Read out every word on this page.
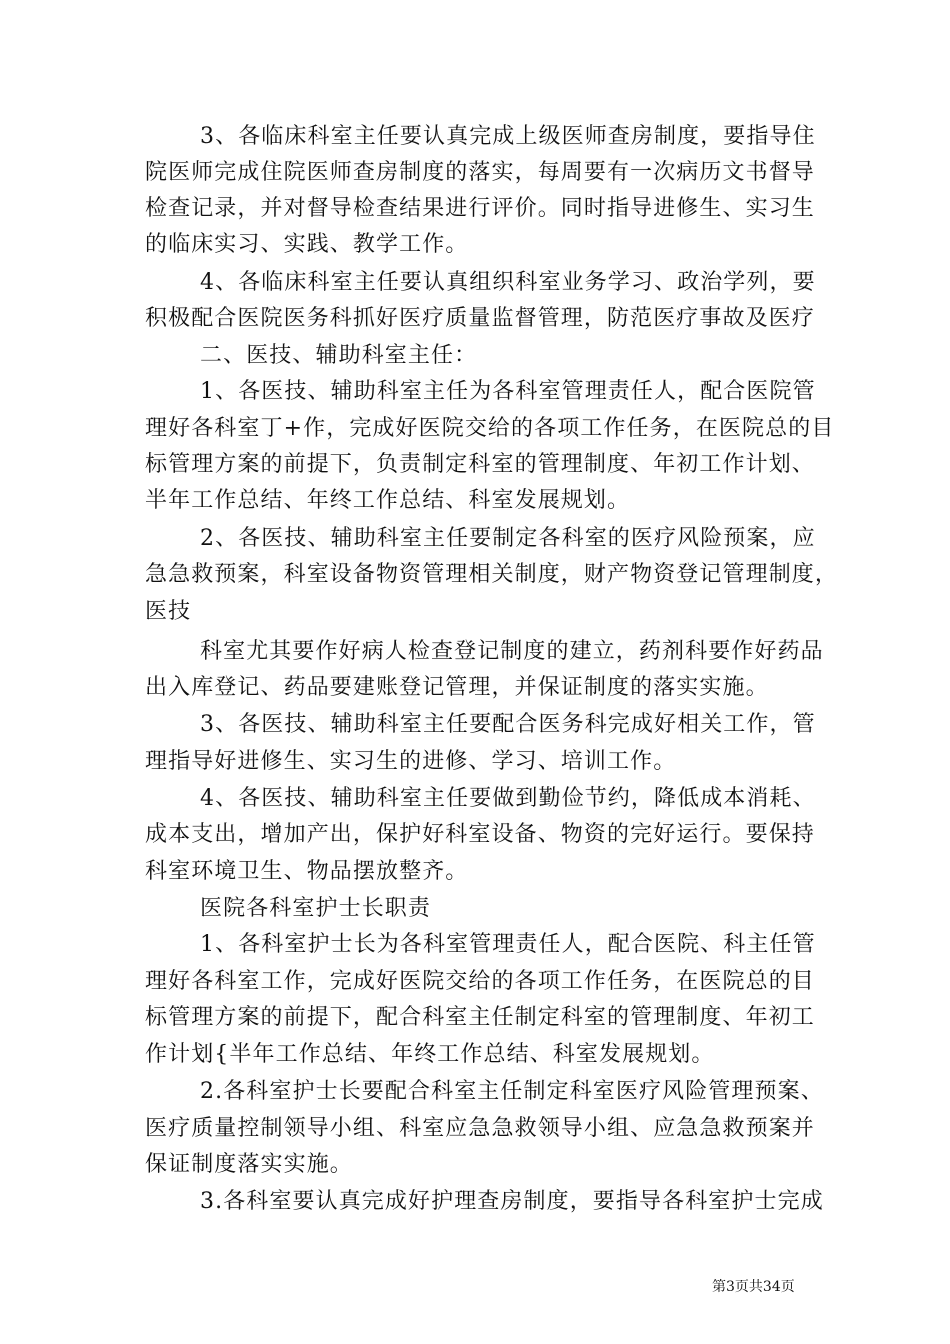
3、各临床科室主任要认真完成上级医师查房制度，要指导住
院医师完成住院医师查房制度的落实，每周要有一次病历文书督导
检查记录，并对督导检查结果进行评价。同时指导进修生、实习生
的临床实习、实践、教学工作。
4、各临床科室主任要认真组织科室业务学习、政治学列，要
积极配合医院医务科抓好医疗质量监督管理，防范医疗事故及医疗
二、医技、辅助科室主任：
1、各医技、辅助科室主任为各科室管理责任人，配合医院管
理好各科室丁+作，完成好医院交给的各项工作任务，在医院总的目
标管理方案的前提下，负责制定科室的管理制度、年初工作计划、
半年工作总结、年终工作总结、科室发展规划。
2、各医技、辅助科室主任要制定各科室的医疗风险预案，应
急急救预案，科室设备物资管理相关制度，财产物资登记管理制度，
医技
科室尤其要作好病人检查登记制度的建立，药剂科要作好药品
出入库登记、药品要建账登记管理，并保证制度的落实实施。
3、各医技、辅助科室主任要配合医务科完成好相关工作，管
理指导好进修生、实习生的进修、学习、培训工作。
4、各医技、辅助科室主任要做到勤俭节约，降低成本消耗、
成本支出，增加产出，保护好科室设备、物资的完好运行。要保持
科室环境卫生、物品摆放整齐。
医院各科室护士长职责
1、各科室护士长为各科室管理责任人，配合医院、科主任管
理好各科室工作，完成好医院交给的各项工作任务，在医院总的目
标管理方案的前提下，配合科室主任制定科室的管理制度、年初工
作计划{半年工作总结、年终工作总结、科室发展规划。
2.各科室护士长要配合科室主任制定科室医疗风险管理预案、
医疗质量控制领导小组、科室应急急救领导小组、应急急救预案并
保证制度落实实施。
3.各科室要认真完成好护理查房制度，要指导各科室护士完成
第3页共34页
